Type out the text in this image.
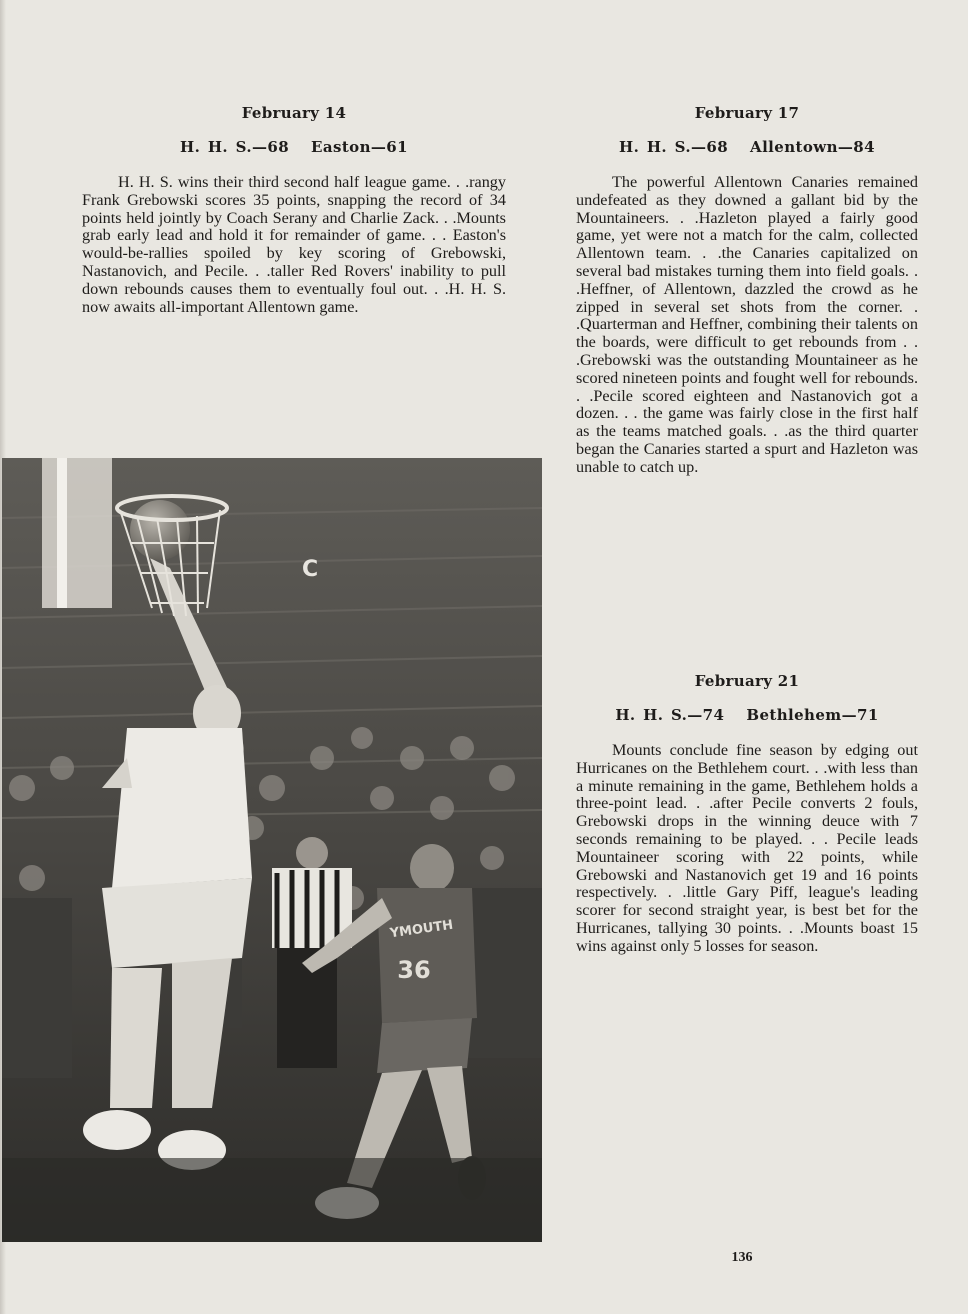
February 14

H. H. S.—68 Easton—61

H. H. S. wins their third second half league game. . .rangy Frank Grebowski scores 35 points, snapping the record of 34 points held jointly by Coach Serany and Charlie Zack. . .Mounts grab early lead and hold it for remainder of game. . . Easton's would-be-rallies spoiled by key scoring of Grebowski, Nastanovich, and Pecile. . .taller Red Rovers' inability to pull down rebounds causes them to eventually foul out. . .H. H. S. now awaits all-important Allentown game.

February 17

H. H. S.—68 Allentown—84

The powerful Allentown Canaries remained undefeated as they downed a gallant bid by the Mountaineers. . .Hazleton played a fairly good game, yet were not a match for the calm, collected Allentown team. . .the Canaries capitalized on several bad mistakes turning them into field goals. . .Heffner, of Allentown, dazzled the crowd as he zipped in several set shots from the corner. . .Quarterman and Heffner, combining their talents on the boards, were difficult to get rebounds from . . .Grebowski was the outstanding Mountaineer as he scored nineteen points and fought well for rebounds. . .Pecile scored eighteen and Nastanovich got a dozen. . . the game was fairly close in the first half as the teams matched goals. . .as the third quarter began the Canaries started a spurt and Hazleton was unable to catch up.

February 21

H. H. S.—74 Bethlehem—71

Mounts conclude fine season by edging out Hurricanes on the Bethlehem court. . .with less than a minute remaining in the game, Bethlehem holds a three-point lead. . .after Pecile converts 2 fouls, Grebowski drops in the winning deuce with 7 seconds remaining to be played. . . Pecile leads Mountaineer scoring with 22 points, while Grebowski and Nastanovich get 19 and 16 points respectively. . .little Gary Piff, league's leading scorer for second straight year, is best bet for the Hurricanes, tallying 30 points. . .Mounts boast 15 wins against only 5 losses for season.

C
YMOUTH
36
136
